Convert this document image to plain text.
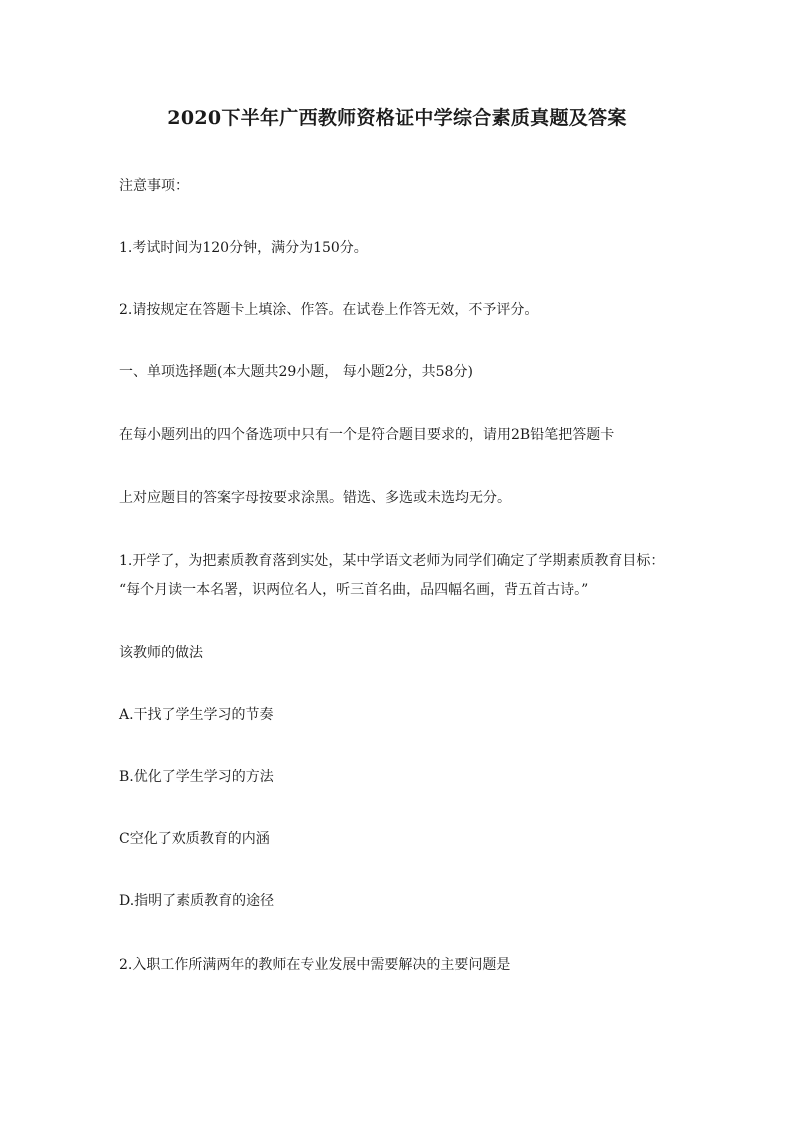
2020下半年广西教师资格证中学综合素质真题及答案
注意事项：
1.考试时间为120分钟，满分为150分。
2.请按规定在答题卡上填涂、作答。在试卷上作答无效，不予评分。
一、单项选择题(本大题共29小题， 每小题2分，共58分)
在每小题列出的四个备选项中只有一个是符合题目要求的，请用2B铅笔把答题卡
上对应题目的答案字母按要求涂黑。错选、多选或未选均无分。
1.开学了，为把素质教育落到实处，某中学语文老师为同学们确定了学期素质教育目标：
“每个月读一本名署，识两位名人，听三首名曲，品四幅名画，背五首古诗。”
该教师的做法
A.干找了学生学习的节奏
B.优化了学生学习的方法
C空化了欢质教育的内涵
D.指明了素质教育的途径
2.入职工作所满两年的教师在专业发展中需要解决的主要问题是
